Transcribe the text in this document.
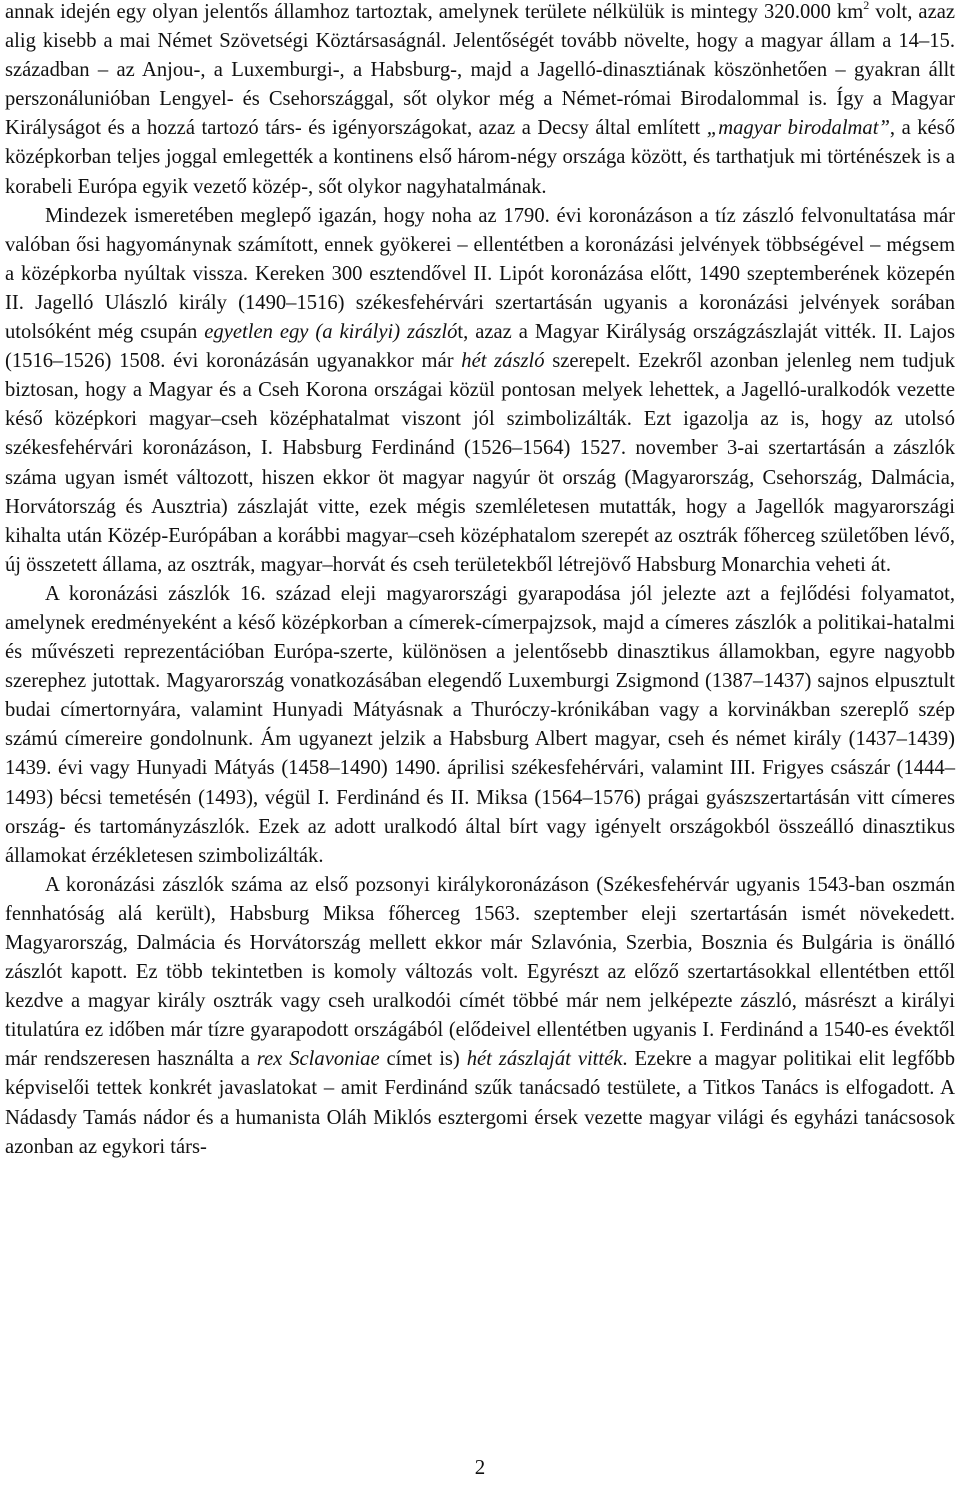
annak idején egy olyan jelentős államhoz tartoztak, amelynek területe nélkülük is mintegy 320.000 $km^2$ volt, azaz alig kisebb a mai Német Szövetségi Köztársaságnál. Jelentőségét tovább növelte, hogy a magyar állam a 14–15. században – az Anjou-, a Luxemburgi-, a Habsburg-, majd a Jagelló-dinasztiának köszönhetően – gyakran állt perszonálunióban Lengyel- és Csehországgal, sőt olykor még a Német-római Birodalommal is. Így a Magyar Királyságot és a hozzá tartozó társ- és igényországokat, azaz a Decsy által említett „magyar birodalmat”, a késő középkorban teljes joggal emlegették a kontinens első három-négy országa között, és tarthatjuk mi történészek is a korabeli Európa egyik vezető közép-, sőt olykor nagyhatalmának.

Mindezek ismeretében meglepő igazán, hogy noha az 1790. évi koronázáson a tíz zászló felvonultatása már valóban ősi hagyománynak számított, ennek gyökerei – ellentétben a koronázási jelvények többségével – mégsem a középkorba nyúltak vissza. Kereken 300 esztendővel II. Lipót koronázása előtt, 1490 szeptemberének közepén II. Jagelló Ulászló király (1490–1516) székesfehérvári szertartásán ugyanis a koronázási jelvények sorában utolsóként még csupán egyetlen egy (a királyi) zászlót, azaz a Magyar Királyság országzászlaját vitték. II. Lajos (1516–1526) 1508. évi koronázásán ugyanakkor már hét zászló szerepelt. Ezekről azonban jelenleg nem tudjuk biztosan, hogy a Magyar és a Cseh Korona országai közül pontosan melyek lehettek, a Jagelló-uralkodók vezette késő középkori magyar–cseh középhatalmat viszont jól szimbolizálták. Ezt igazolja az is, hogy az utolsó székesfehérvári koronázáson, I. Habsburg Ferdinánd (1526–1564) 1527. november 3-ai szertartásán a zászlók száma ugyan ismét változott, hiszen ekkor öt magyar nagyúr öt ország (Magyarország, Csehország, Dalmácia, Horvátország és Ausztria) zászlaját vitte, ezek mégis szemléletesen mutatták, hogy a Jagellók magyarországi kihalta után Közép-Európában a korábbi magyar–cseh középhatalom szerepét az osztrák főherceg születőben lévő, új összetett állama, az osztrák, magyar–horvát és cseh területekből létrejövő Habsburg Monarchia veheti át.

A koronázási zászlók 16. század eleji magyarországi gyarapodása jól jelezte azt a fejlődési folyamatot, amelynek eredményeként a késő középkorban a címerek-címerpajzsok, majd a címeres zászlók a politikai-hatalmi és művészeti reprezentációban Európa-szerte, különösen a jelentősebb dinasztikus államokban, egyre nagyobb szerephez jutottak. Magyarország vonatkozásában elegendő Luxemburgi Zsigmond (1387–1437) sajnos elpusztult budai címertornyára, valamint Hunyadi Mátyásnak a Thuróczy-krónikában vagy a korvinákban szereplő szép számú címereire gondolnunk. Ám ugyanezt jelzik a Habsburg Albert magyar, cseh és német király (1437–1439) 1439. évi vagy Hunyadi Mátyás (1458–1490) 1490. áprilisi székesfehérvári, valamint III. Frigyes császár (1444–1493) bécsi temetésén (1493), végül I. Ferdinánd és II. Miksa (1564–1576) prágai gyászszertartásán vitt címeres ország- és tartományzászlók. Ezek az adott uralkodó által bírt vagy igényelt országokból összeálló dinasztikus államokat érzékletesen szimbolizálták.

A koronázási zászlók száma az első pozsonyi királykoronázáson (Székesfehérvár ugyanis 1543-ban oszmán fennhatóság alá került), Habsburg Miksa főherceg 1563. szeptember eleji szertartásán ismét növekedett. Magyarország, Dalmácia és Horvátország mellett ekkor már Szlavónia, Szerbia, Bosznia és Bulgária is önálló zászlót kapott. Ez több tekintetben is komoly változás volt. Egyrészt az előző szertartásokkal ellentétben ettől kezdve a magyar király osztrák vagy cseh uralkodói címét többé már nem jelképezte zászló, másrészt a királyi titulatúra ez időben már tízre gyarapodott országából (elődeivel ellentétben ugyanis I. Ferdinánd a 1540-es évektől már rendszeresen használta a rex Sclavoniae címet is) hét zászlaját vitték. Ezekre a magyar politikai elit legfőbb képviselői tettek konkrét javaslatokat – amit Ferdinánd szűk tanácsadó testülete, a Titkos Tanács is elfogadott. A Nádasdy Tamás nádor és a humanista Oláh Miklós esztergomi érsek vezette magyar világi és egyházi tanácsosok azonban az egykori társ-

2
